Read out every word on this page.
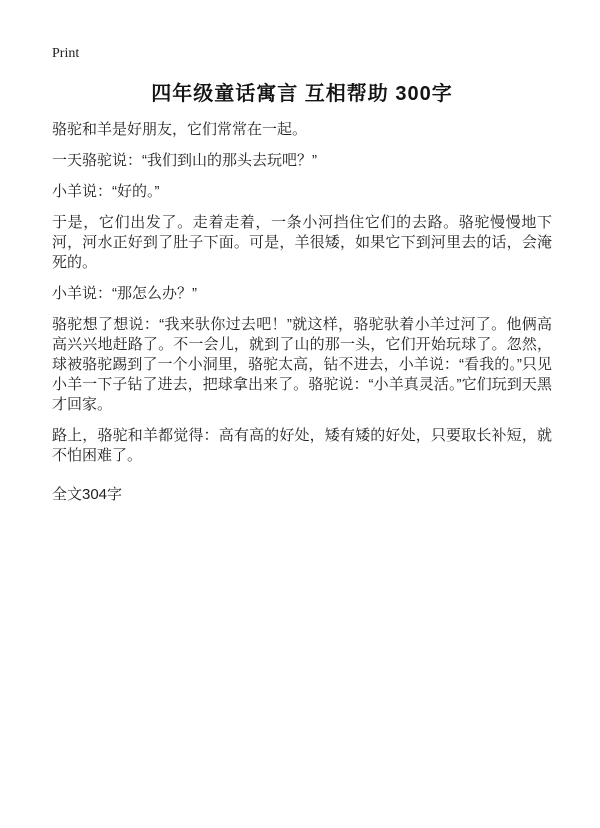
Print
四年级童话寓言 互相帮助 300字

骆驼和羊是好朋友，它们常常在一起。

一天骆驼说：“我们到山的那头去玩吧？”

小羊说：“好的。”

于是，它们出发了。走着走着，一条小河挡住它们的去路。骆驼慢慢地下河，河水正好到了肚子下面。可是，羊很矮，如果它下到河里去的话，会淹死的。

小羊说：“那怎么办？”

骆驼想了想说：“我来驮你过去吧！”就这样，骆驼驮着小羊过河了。他俩高高兴兴地赶路了。不一会儿，就到了山的那一头，它们开始玩球了。忽然，球被骆驼踢到了一个小洞里，骆驼太高，钻不进去，小羊说：“看我的。”只见小羊一下子钻了进去，把球拿出来了。骆驼说：“小羊真灵活。”它们玩到天黑才回家。

路上，骆驼和羊都觉得：高有高的好处，矮有矮的好处，只要取长补短，就不怕困难了。

全文304字
